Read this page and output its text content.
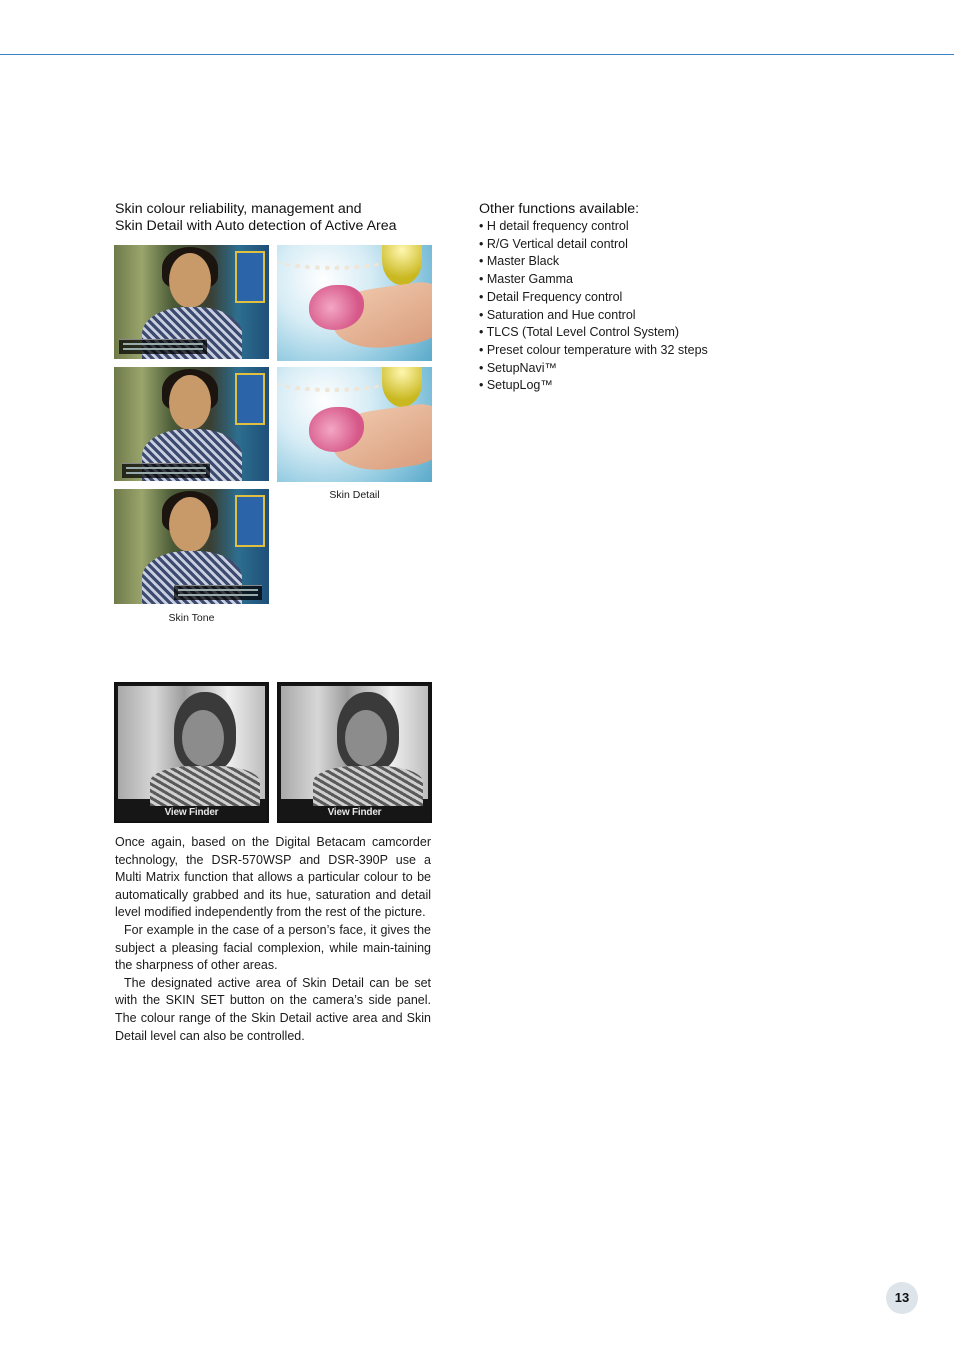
Skin colour reliability, management and
Skin Detail with Auto detection of Active Area
Skin Detail
Skin Tone
View Finder	View Finder

Once again, based on the Digital Betacam camcorder technology, the DSR-570WSP and DSR-390P use a Multi Matrix function that allows a particular colour to be automatically grabbed and its hue, saturation and detail level modified independently from the rest of the picture.

For example in the case of a person’s face, it gives the subject a pleasing facial complexion, while main-taining the sharpness of other areas.

The designated active area of Skin Detail can be set with the SKIN SET button on the camera’s side panel. The colour range of the Skin Detail active area and Skin Detail level can also be controlled.

Other functions available:
• H detail frequency control
• R/G Vertical detail control
• Master Black
• Master Gamma
• Detail Frequency control
• Saturation and Hue control
• TLCS (Total Level Control System)
• Preset colour temperature with 32 steps
• SetupNavi™
• SetupLog™
13
